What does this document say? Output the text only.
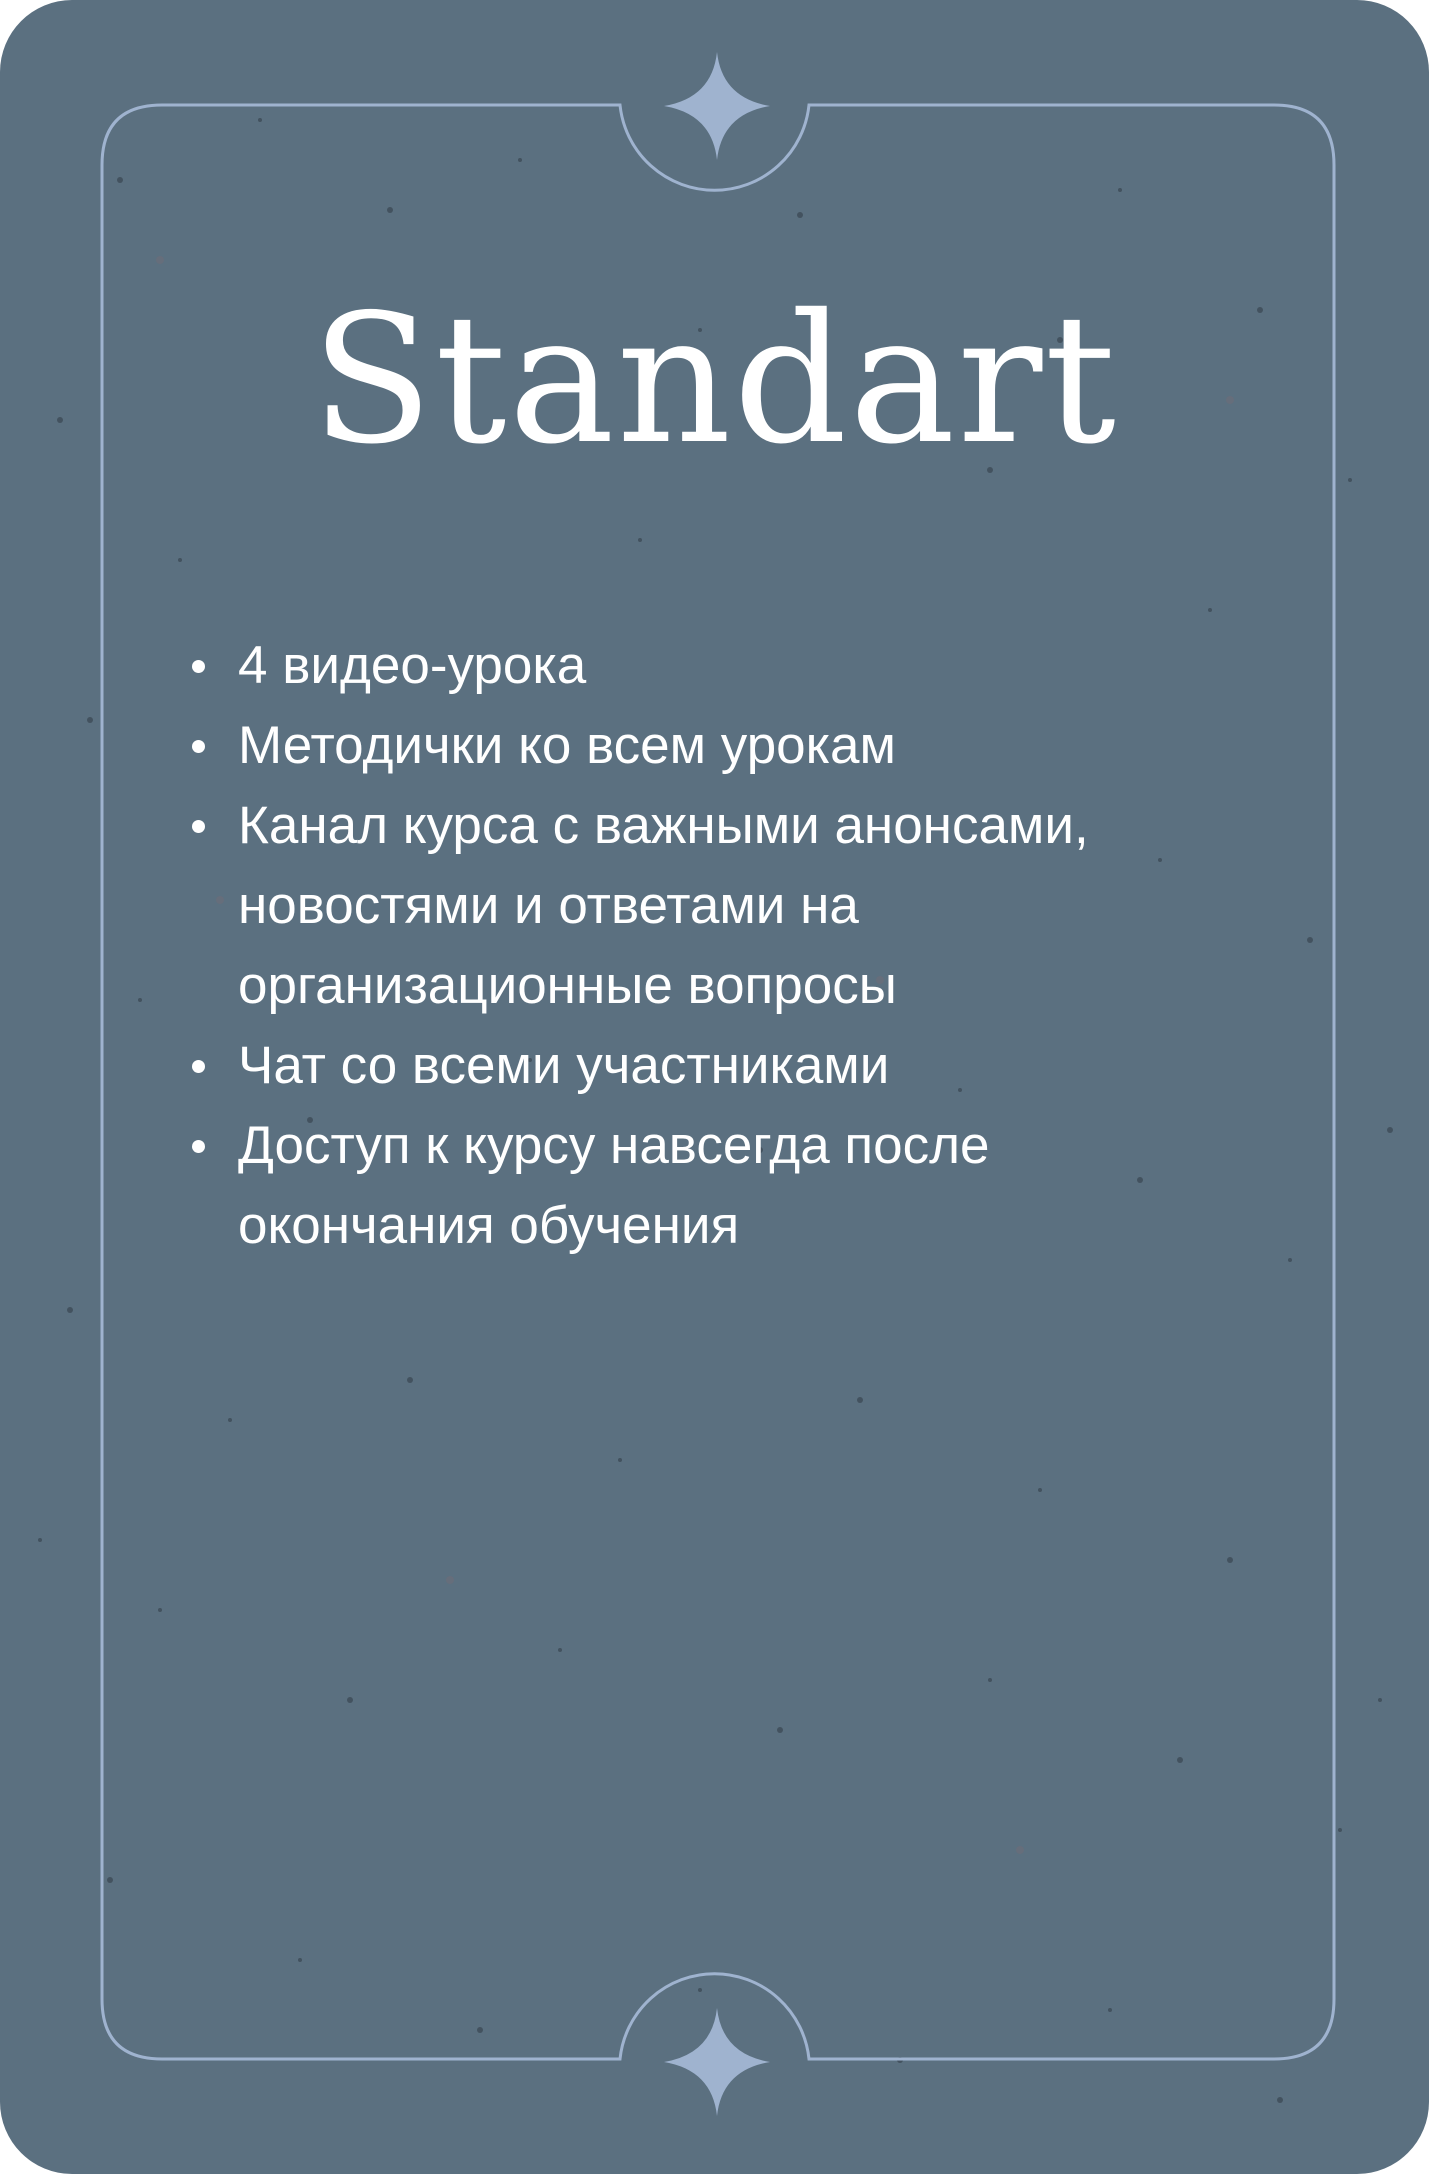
Standart
4 видео-урока
Методички ко всем урокам
Канал курса с важными анонсами, новостями и ответами на организационные вопросы
Чат со всеми участниками
Доступ к курсу навсегда после окончания обучения
